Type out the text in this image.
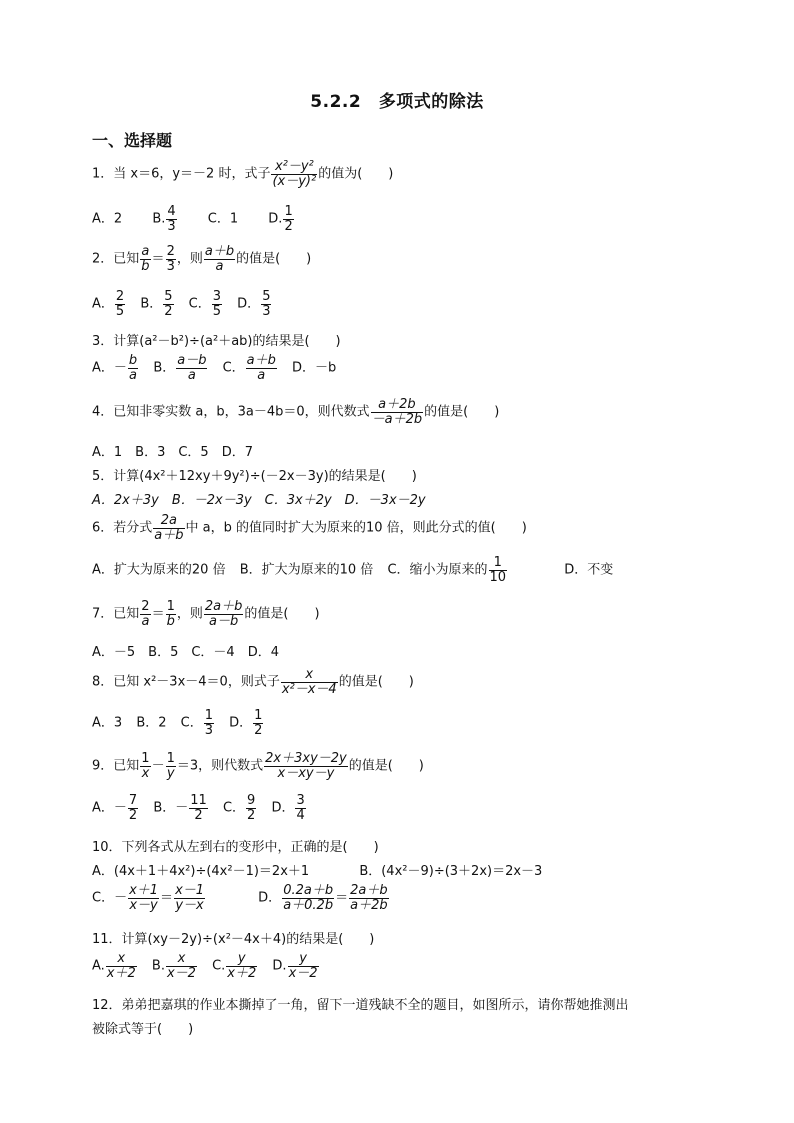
5.2.2　多项式的除法
一、选择题
1．当 x＝6，y＝－2 时，式子 $\frac{\text{x²－y²}}{\text{(x－y)²}}$ 的值为(　　)
A．2 B. $\frac{4}{3}$ C．1 D. $\frac{1}{2}$
2．已知 $\frac{a}{b} = \frac{2}{3}$ ，则 $\frac{a+b}{a}$ 的值是(　　)
A． $\frac{2}{5}$ B． $\frac{5}{2}$ C． $\frac{3}{5}$ D． $\frac{5}{3}$
3．计算(a²－b²)÷(a²＋ab)的结果是(　　)
A．－ $\frac{b}{a}$ B． $\frac{a-b}{a}$ C． $\frac{a+b}{a}$ D．－b
4．已知非零实数 a，b，3a－4b＝0，则代数式 $\frac{a+2b}{-a+2b}$ 的值是(　　)
A．1　B．3　C．5　D．7
5．计算(4x²＋12xy＋9y²)÷(－2x－3y)的结果是(　　)
A．2x＋3y　B．－2x－3y　C．3x＋2y　D．－3x－2y
6．若分式 $\frac{2a}{a+b}$ 中 a，b 的值同时扩大为原来的10 倍，则此分式的值(　　)
A．扩大为原来的20 倍 B．扩大为原来的10 倍 C．缩小为原来的 $\frac{1}{10}$	D．不变
7．已知 $\frac{2}{a} = \frac{1}{b}$ ，则 $\frac{2a+b}{a-b}$ 的值是(　　)
A．－5　B．5　C．－4　D．4
8．已知 x²－3x－4＝0，则式子 $\frac{x}{\text{x²－x－4}}$ 的值是(　　)
A．3 B．2 C． $\frac{1}{3}$ D． $\frac{1}{2}$
9．已知 $\frac{1}{x} - \frac{1}{y} =3$，则代数式 $\frac{2x+3xy-2y}{x-xy-y}$ 的值是(　　)
A．－ $\frac{7}{2}$ B．－ $\frac{11}{2}$ C． $\frac{9}{2}$ D． $\frac{3}{4}$
10．下列各式从左到右的变形中，正确的是(　　)
A．(4x＋1＋4x²)÷(4x²－1)＝2x＋1	B．(4x²－9)÷(3＋2x)＝2x－3
C．－ $\frac{x+1}{x-y} = \frac{x-1}{y-x}$	D． $\frac{0.2a+b}{a+0.2b} = \frac{2a+b}{a+2b}$
11．计算(xy－2y)÷(x²－4x＋4)的结果是(　　)
A. $\frac{x}{x+2} B$. $\frac{x}{x-2} C$. $\frac{y}{x+2} D$. $\frac{y}{x-2}$
12．弟弟把嘉琪的作业本撕掉了一角，留下一道残缺不全的题目，如图所示，请你帮她推测出
被除式等于(　　)
